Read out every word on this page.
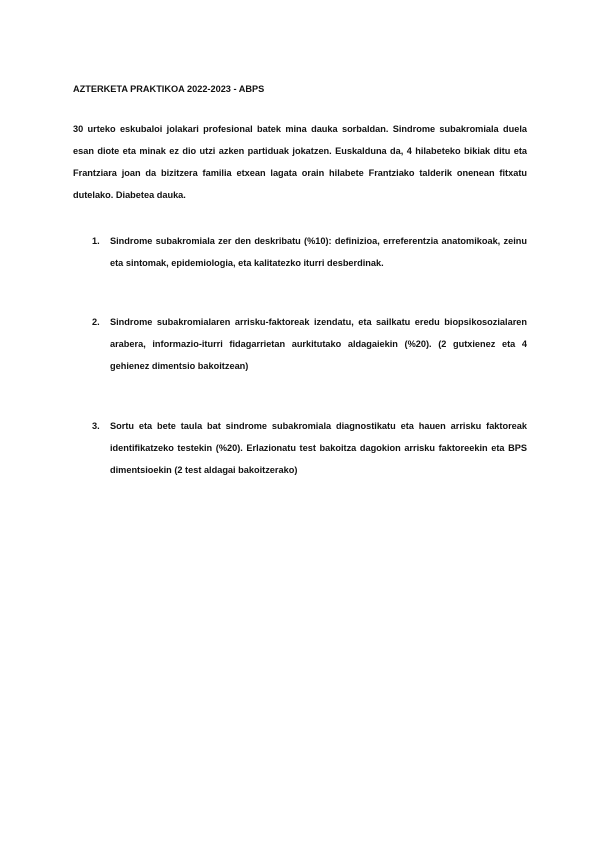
AZTERKETA PRAKTIKOA 2022-2023 - ABPS
30 urteko eskubaloi jolakari profesional batek mina dauka sorbaldan. Sindrome subakromiala duela esan diote eta minak ez dio utzi azken partiduak jokatzen. Euskalduna da, 4 hilabeteko bikiak ditu eta Frantziara joan da bizitzera familia etxean lagata orain hilabete Frantziako talderik onenean fitxatu dutelako. Diabetea dauka.
1.	Sindrome subakromiala zer den deskribatu (%10): definizioa, erreferentzia anatomikoak, zeinu eta sintomak, epidemiologia, eta kalitatezko iturri desberdinak.
2.	Sindrome subakromialaren arrisku-faktoreak izendatu, eta sailkatu eredu biopsikosozialaren arabera, informazio-iturri fidagarrietan aurkitutako aldagaiekin (%20). (2 gutxienez eta 4 gehienez dimentsio bakoitzean)
3.	Sortu eta bete taula bat sindrome subakromiala diagnostikatu eta hauen arrisku faktoreak identifikatzeko testekin (%20). Erlazionatu test bakoitza dagokion arrisku faktoreekin eta BPS dimentsioekin (2 test aldagai bakoitzerako)
